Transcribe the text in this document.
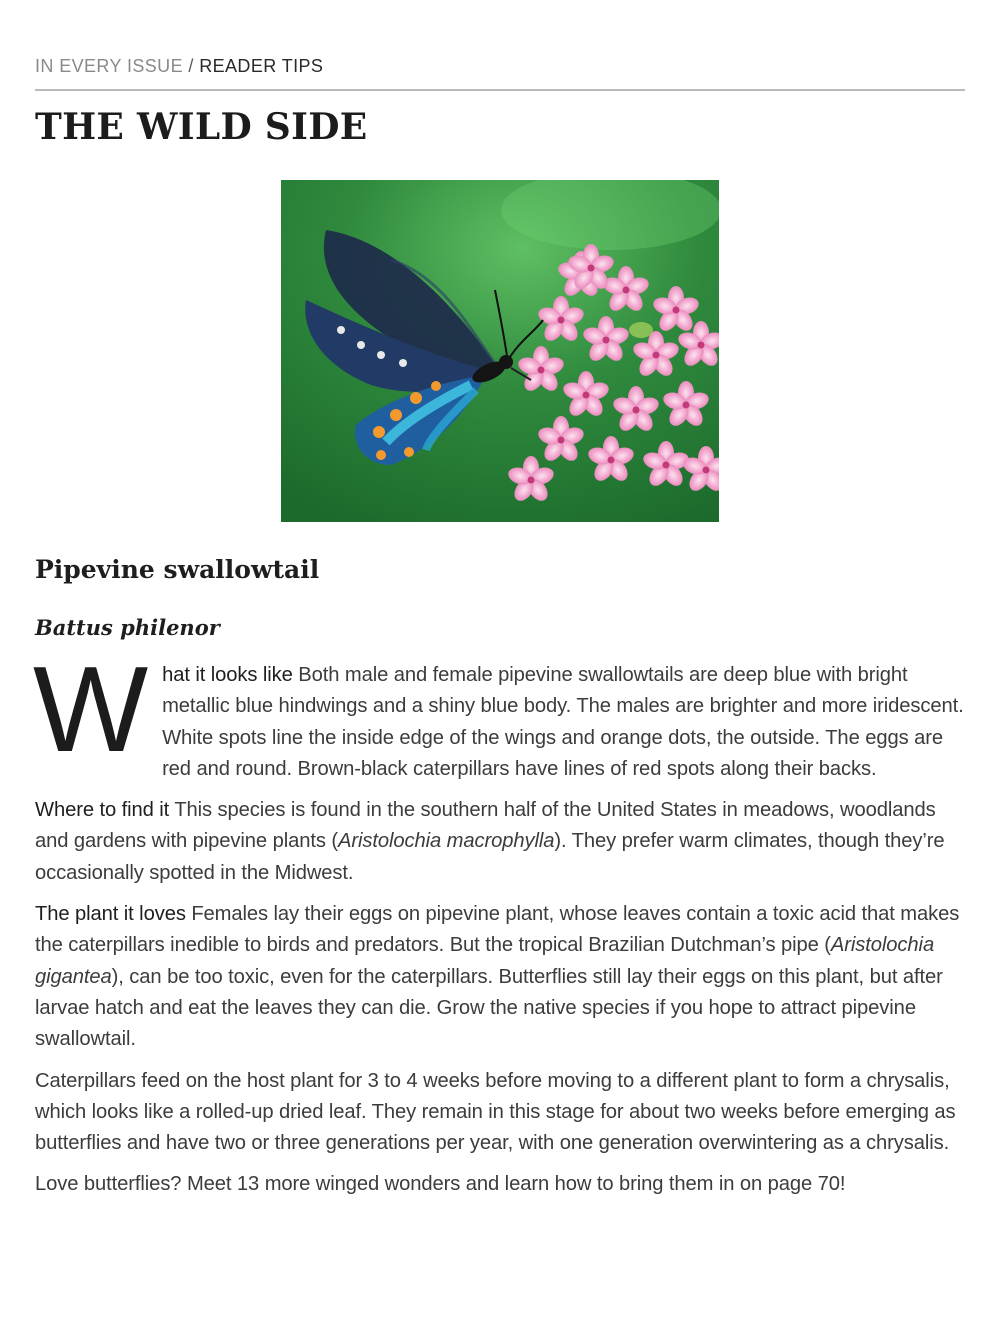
IN EVERY ISSUE / READER TIPS
THE WILD SIDE
Pipevine swallowtail
Battus philenor

What it looks like Both male and female pipevine swallowtails are deep blue with bright metallic blue hindwings and a shiny blue body. The males are brighter and more iridescent. White spots line the inside edge of the wings and orange dots, the outside. The eggs are red and round. Brown-black caterpillars have lines of red spots along their backs.

Where to find it This species is found in the southern half of the United States in meadows, woodlands and gardens with pipevine plants (Aristolochia macrophylla). They prefer warm climates, though they’re occasionally spotted in the Midwest.

The plant it loves Females lay their eggs on pipevine plant, whose leaves contain a toxic acid that makes the caterpillars inedible to birds and predators. But the tropical Brazilian Dutchman’s pipe (Aristolochia gigantea), can be too toxic, even for the caterpillars. Butterflies still lay their eggs on this plant, but after larvae hatch and eat the leaves they can die. Grow the native species if you hope to attract pipevine swallowtail.

Caterpillars feed on the host plant for 3 to 4 weeks before moving to a different plant to form a chrysalis, which looks like a rolled-up dried leaf. They remain in this stage for about two weeks before emerging as butterflies and have two or three generations per year, with one generation overwintering as a chrysalis.

Love butterflies? Meet 13 more winged wonders and learn how to bring them in on page 70!
